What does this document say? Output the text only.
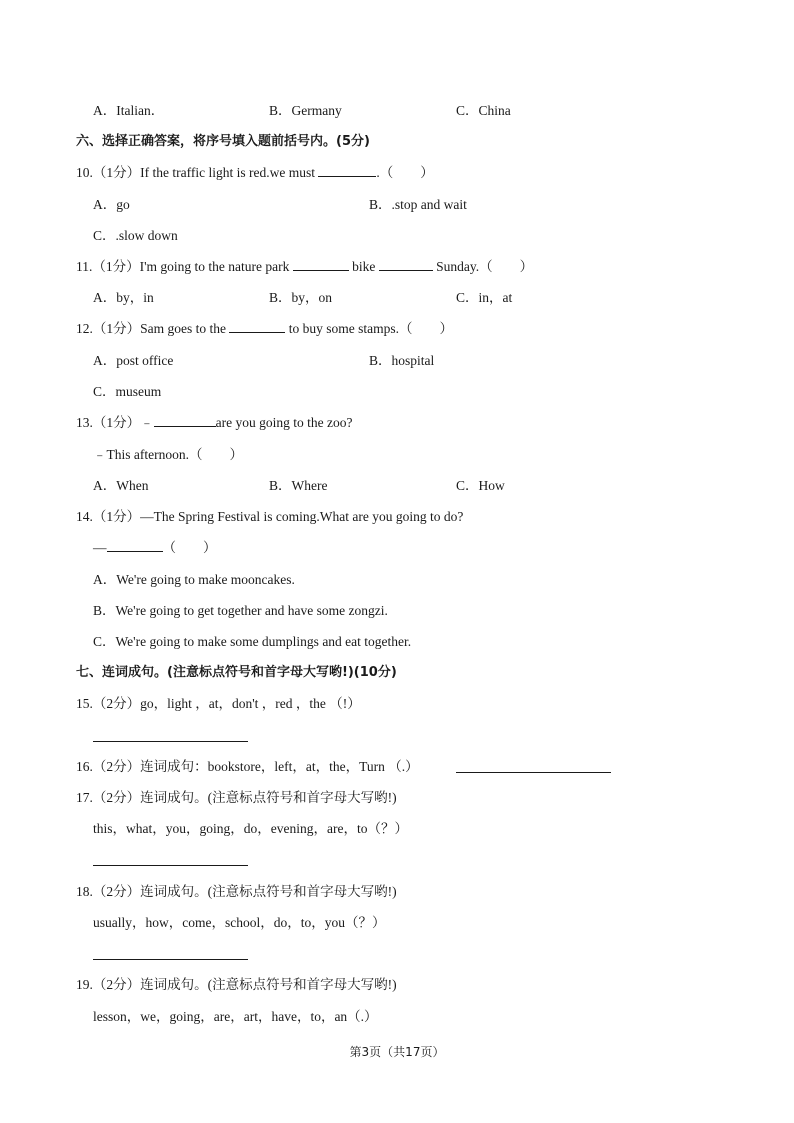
A．Italian．	B．Germany	C．China
六、选择正确答案，将序号填入题前括号内。(5分)
10.（1分）If the traffic light is red.we must	.（　　）
A．go	B．.stop and wait
C．.slow down
11.（1分）I'm going to the nature park	bike	Sunday.（　　）
A．by，in	B．by，on	C．in，at
12.（1分）Sam goes to the	to buy some stamps.（　　）
A．post office	B．hospital
C．museum
13.（1分）﹣	are you going to the zoo?
﹣This afternoon.（　　）
A．When	B．Where	C．How
14.（1分）—The Spring Festival is coming.What are you going to do?
—	（　　）
A．We're going to make mooncakes.
B．We're going to get together and have some zongzi.
C．We're going to make some dumplings and eat together.
七、连词成句。(注意标点符号和首字母大写哟!)(10分)
15.（2分）go，light ，at，don't ，red ，the （!）
16.（2分）连词成句：bookstore，left，at，the，Turn （.）
17.（2分）连词成句。(注意标点符号和首字母大写哟!)
this，what，you，going，do，evening，are，to（？）
18.（2分）连词成句。(注意标点符号和首字母大写哟!)
usually，how，come，school，do，to，you（？）
19.（2分）连词成句。(注意标点符号和首字母大写哟!)
lesson，we，going，are，art，have，to，an（.）
第3页（共17页）
